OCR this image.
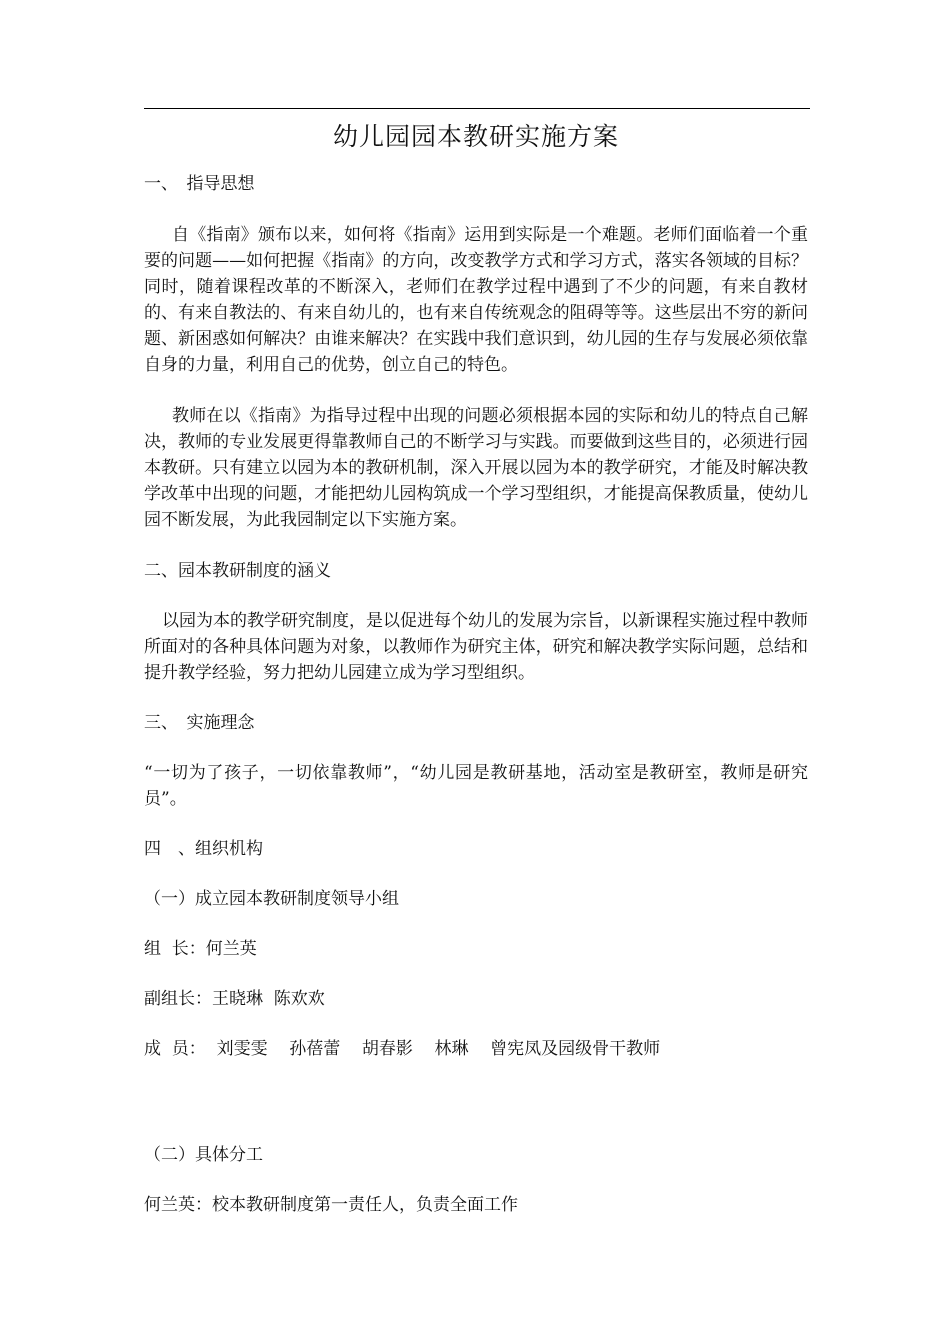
幼儿园园本教研实施方案

一、　指导思想

自《指南》颁布以来，如何将《指南》运用到实际是一个难题。老师们面临着一个重要的问题——如何把握《指南》的方向，改变教学方式和学习方式，落实各领域的目标？同时，随着课程改革的不断深入，老师们在教学过程中遇到了不少的问题，有来自教材的、有来自教法的、有来自幼儿的，也有来自传统观念的阻碍等等。这些层出不穷的新问题、新困惑如何解决？由谁来解决？在实践中我们意识到，幼儿园的生存与发展必须依靠自身的力量，利用自己的优势，创立自己的特色。

教师在以《指南》为指导过程中出现的问题必须根据本园的实际和幼儿的特点自己解决，教师的专业发展更得靠教师自己的不断学习与实践。而要做到这些目的，必须进行园本教研。只有建立以园为本的教研机制，深入开展以园为本的教学研究，才能及时解决教学改革中出现的问题，才能把幼儿园构筑成一个学习型组织，才能提高保教质量，使幼儿园不断发展，为此我园制定以下实施方案。

二、园本教研制度的涵义

以园为本的教学研究制度，是以促进每个幼儿的发展为宗旨，以新课程实施过程中教师所面对的各种具体问题为对象，以教师作为研究主体，研究和解决教学实际问题，总结和提升教学经验，努力把幼儿园建立成为学习型组织。

三、　实施理念

“一切为了孩子，一切依靠教师”，“幼儿园是教研基地，活动室是教研室，教师是研究员”。

四　、组织机构

（一）成立园本教研制度领导小组

组  长：何兰英

副组长：王晓琳  陈欢欢

成  员：  刘雯雯    孙蓓蕾    胡春影    林琳    曾宪凤及园级骨干教师

（二）具体分工

何兰英：校本教研制度第一责任人，负责全面工作
